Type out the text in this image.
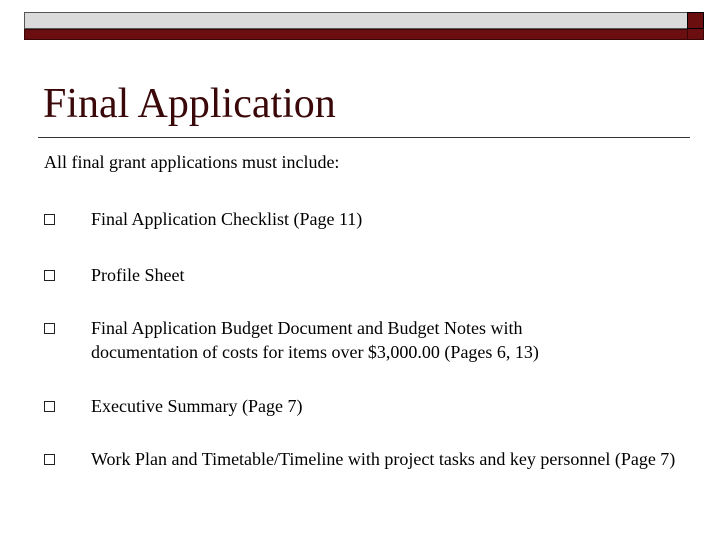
Final Application

All final grant applications must include:

Final Application Checklist (Page 11)
Profile Sheet
Final Application Budget Document and Budget Notes with documentation of costs for items over $3,000.00 (Pages 6, 13)
Executive Summary (Page 7)
Work Plan and Timetable/Timeline with project tasks and key personnel (Page 7)
